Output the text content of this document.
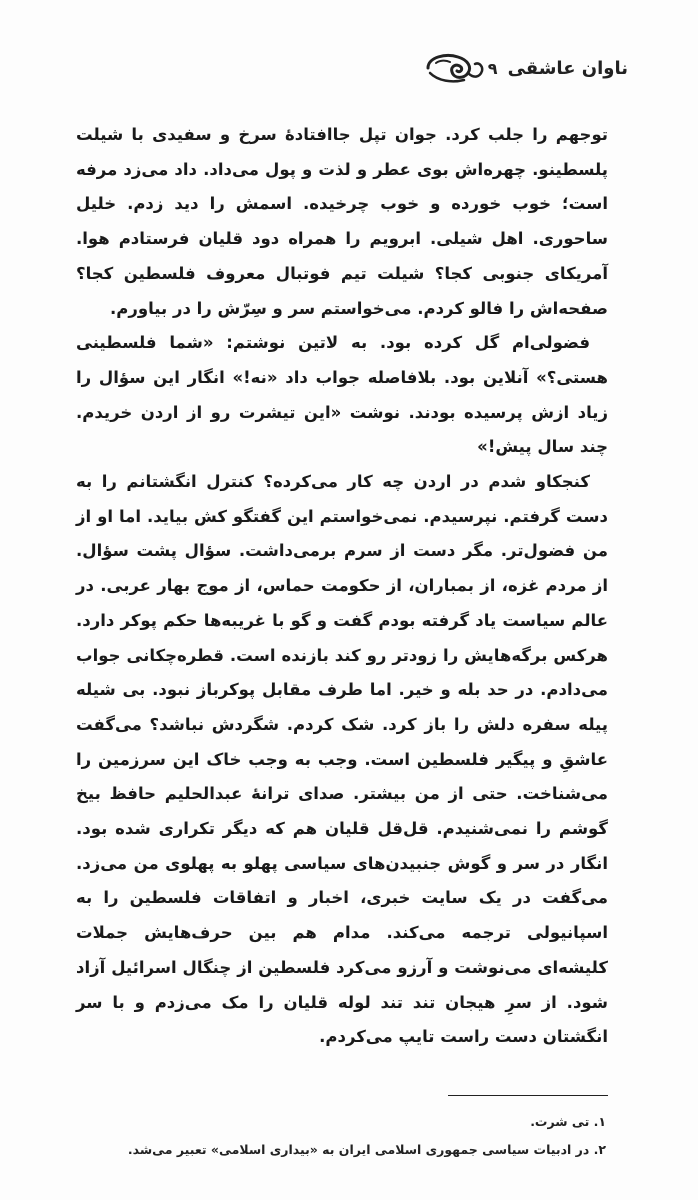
ناوان عاشقی
۹

توجهم را جلب کرد. جوان تپل جاافتادهٔ سرخ و سفیدی با شیلت پلسطینو. چهره‌اش بوی عطر و لذت و پول می‌داد. داد می‌زد مرفه است؛ خوب خورده و خوب چرخیده. اسمش را دید زدم. خلیل ساحوری. اهل شیلی. ابرویم را همراه دود قلیان فرستادم هوا. آمریکای جنوبی کجا؟ شیلت تیم فوتبال معروف فلسطین کجا؟ صفحه‌اش را فالو کردم. می‌خواستم سر و سِرّش را در بیاورم.

فضولی‌ام گل کرده بود. به لاتین نوشتم: «شما فلسطینی هستی؟» آنلاین بود. بلافاصله جواب داد «نه!» انگار این سؤال را زیاد ازش پرسیده بودند. نوشت «این تیشرت رو از اردن خریدم. چند سال پیش!»

کنجکاو شدم در اردن چه کار می‌کرده؟ کنترل انگشتانم را به دست گرفتم. نپرسیدم. نمی‌خواستم این گفتگو کش بیاید. اما او از من فضول‌تر. مگر دست از سرم برمی‌داشت. سؤال پشت سؤال. از مردم غزه، از بمباران، از حکومت حماس، از موج بهار عربی. در عالم سیاست یاد گرفته بودم گفت و گو با غریبه‌ها حکم پوکر دارد. هرکس برگه‌هایش را زودتر رو کند بازنده است. قطره‌چکانی جواب می‌دادم. در حد بله و خیر. اما طرف مقابل پوکرباز نبود. بی شیله پیله سفره دلش را باز کرد. شک کردم. شگردش نباشد؟ می‌گفت عاشقِ و پیگیر فلسطین است. وجب به وجب خاک این سرزمین را می‌شناخت. حتی از من بیشتر. صدای ترانهٔ عبدالحلیم حافظ بیخ گوشم را نمی‌شنیدم. قل‌قل قلیان هم که دیگر تکراری شده بود. انگار در سر و گوش جنبیدن‌های سیاسی پهلو به پهلوی من می‌زد. می‌گفت در یک سایت خبری، اخبار و اتفاقات فلسطین را به اسپانیولی ترجمه می‌کند. مدام هم بین حرف‌هایش جملات کلیشه‌ای می‌نوشت و آرزو می‌کرد فلسطین از چنگال اسرائیل آزاد شود. از سرِ هیجان تند تند لوله قلیان را مک می‌زدم و با سر انگشتان دست راست تایپ می‌کردم.

۱. تی شرت.

۲. در ادبیات سیاسی جمهوری اسلامی ایران به «بیداری اسلامی» تعبیر می‌شد.
